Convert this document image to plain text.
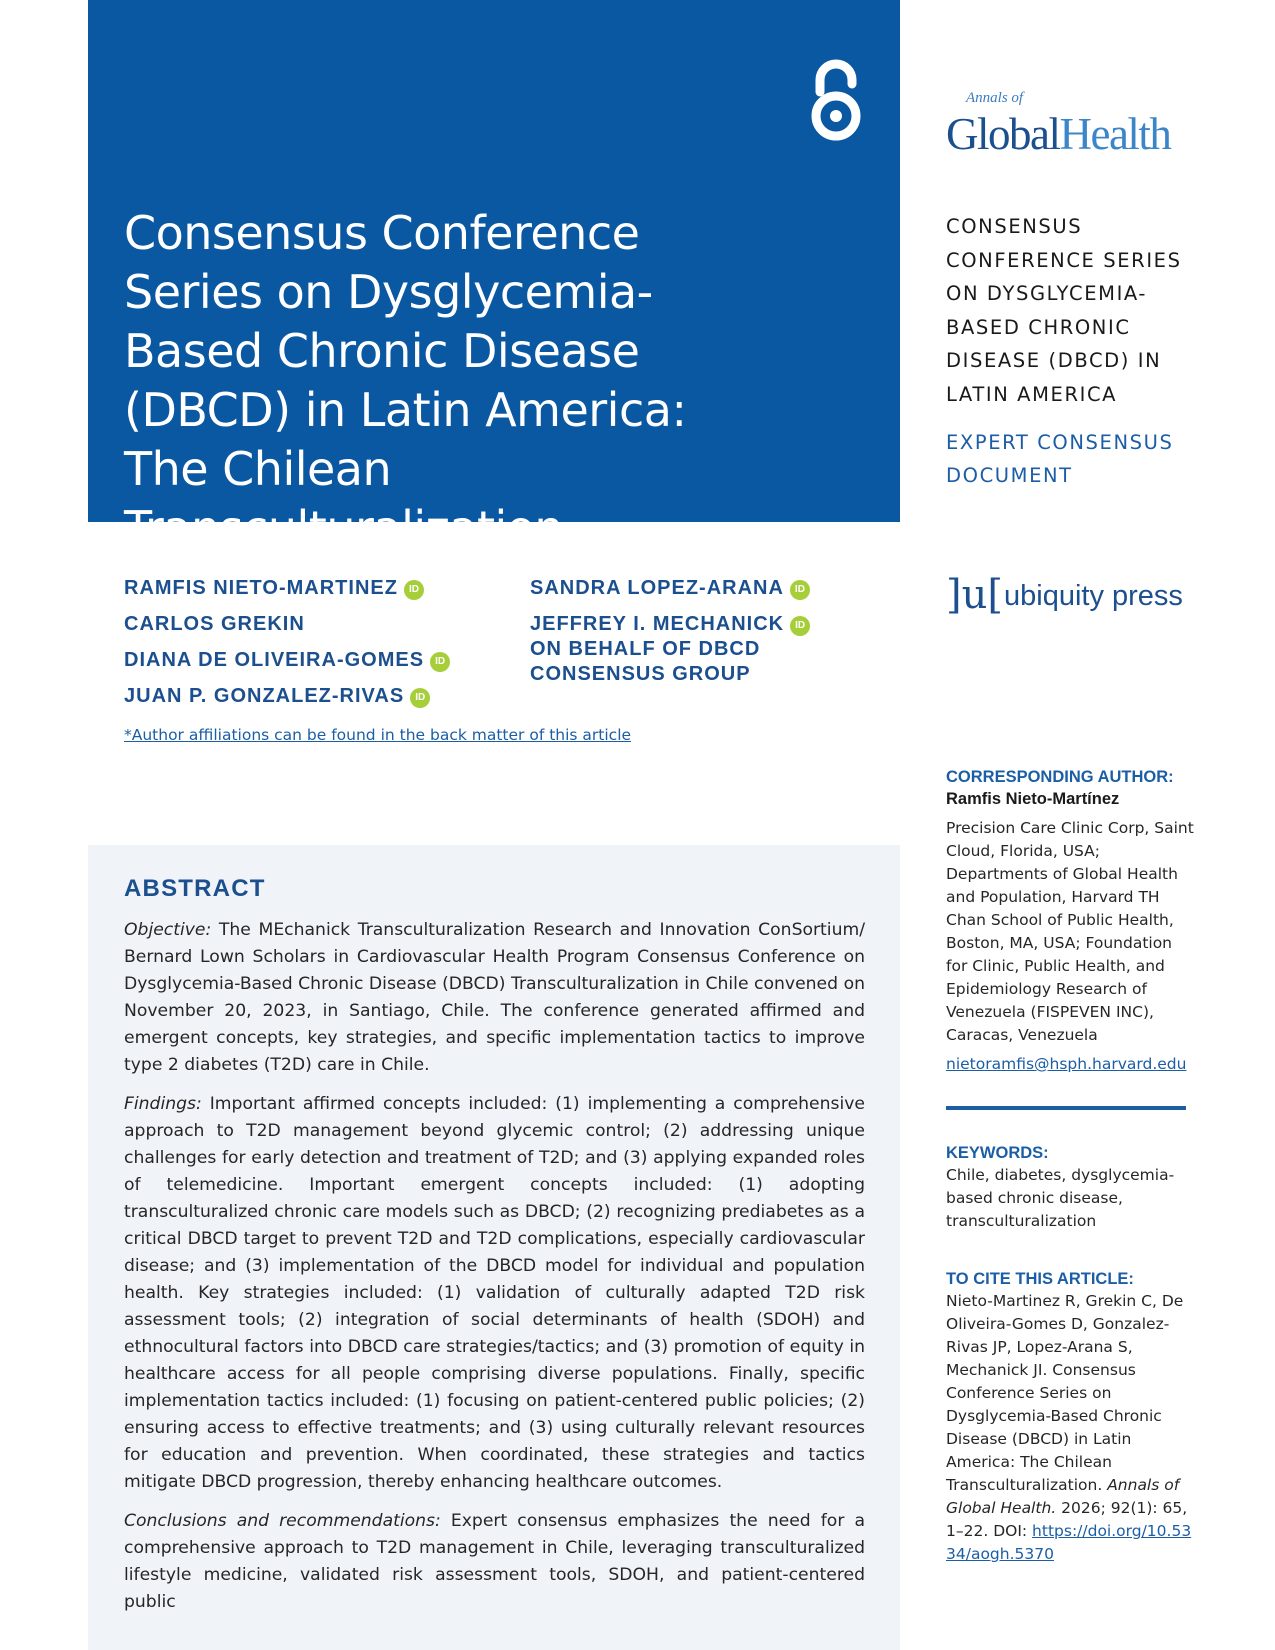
Consensus Conference Series on Dysglycemia-Based Chronic Disease (DBCD) in Latin America: The Chilean Transculturalization
Annals of
GlobalHealth
CONSENSUS CONFERENCE SERIES ON DYSGLYCEMIA-BASED CHRONIC DISEASE (DBCD) IN LATIN AMERICA
EXPERT CONSENSUS DOCUMENT
RAMFIS NIETO-MARTINEZ ID
CARLOS GREKIN
DIANA DE OLIVEIRA-GOMES ID
JUAN P. GONZALEZ-RIVAS ID
SANDRA LOPEZ-ARANA ID
JEFFREY I. MECHANICK ID ON BEHALF OF DBCD CONSENSUS GROUP
*Author affiliations can be found in the back matter of this article
]u[ ubiquity press
CORRESPONDING AUTHOR:
Ramfis Nieto-Martínez
Precision Care Clinic Corp, Saint Cloud, Florida, USA; Departments of Global Health and Population, Harvard TH Chan School of Public Health, Boston, MA, USA; Foundation for Clinic, Public Health, and Epidemiology Research of Venezuela (FISPEVEN INC), Caracas, Venezuela
nietoramfis@hsph.harvard.edu
KEYWORDS:
Chile, diabetes, dysglycemia-based chronic disease, transculturalization
TO CITE THIS ARTICLE:
Nieto-Martinez R, Grekin C, De Oliveira-Gomes D, Gonzalez-Rivas JP, Lopez-Arana S, Mechanick JI. Consensus Conference Series on Dysglycemia-Based Chronic Disease (DBCD) in Latin America: The Chilean Transculturalization. Annals of Global Health. 2026; 92(1): 65, 1–22. DOI: https://doi.org/10.5334/aogh.5370
ABSTRACT

Objective: The MEchanick Transculturalization Research and Innovation ConSortium/ Bernard Lown Scholars in Cardiovascular Health Program Consensus Conference on Dysglycemia-Based Chronic Disease (DBCD) Transculturalization in Chile convened on November 20, 2023, in Santiago, Chile. The conference generated affirmed and emergent concepts, key strategies, and specific implementation tactics to improve type 2 diabetes (T2D) care in Chile.

Findings: Important affirmed concepts included: (1) implementing a comprehensive approach to T2D management beyond glycemic control; (2) addressing unique challenges for early detection and treatment of T2D; and (3) applying expanded roles of telemedicine. Important emergent concepts included: (1) adopting transculturalized chronic care models such as DBCD; (2) recognizing prediabetes as a critical DBCD target to prevent T2D and T2D complications, especially cardiovascular disease; and (3) implementation of the DBCD model for individual and population health. Key strategies included: (1) validation of culturally adapted T2D risk assessment tools; (2) integration of social determinants of health (SDOH) and ethnocultural factors into DBCD care strategies/tactics; and (3) promotion of equity in healthcare access for all people comprising diverse populations. Finally, specific implementation tactics included: (1) focusing on patient-centered public policies; (2) ensuring access to effective treatments; and (3) using culturally relevant resources for education and prevention. When coordinated, these strategies and tactics mitigate DBCD progression, thereby enhancing healthcare outcomes.

Conclusions and recommendations: Expert consensus emphasizes the need for a comprehensive approach to T2D management in Chile, leveraging transculturalized lifestyle medicine, validated risk assessment tools, SDOH, and patient-centered public
